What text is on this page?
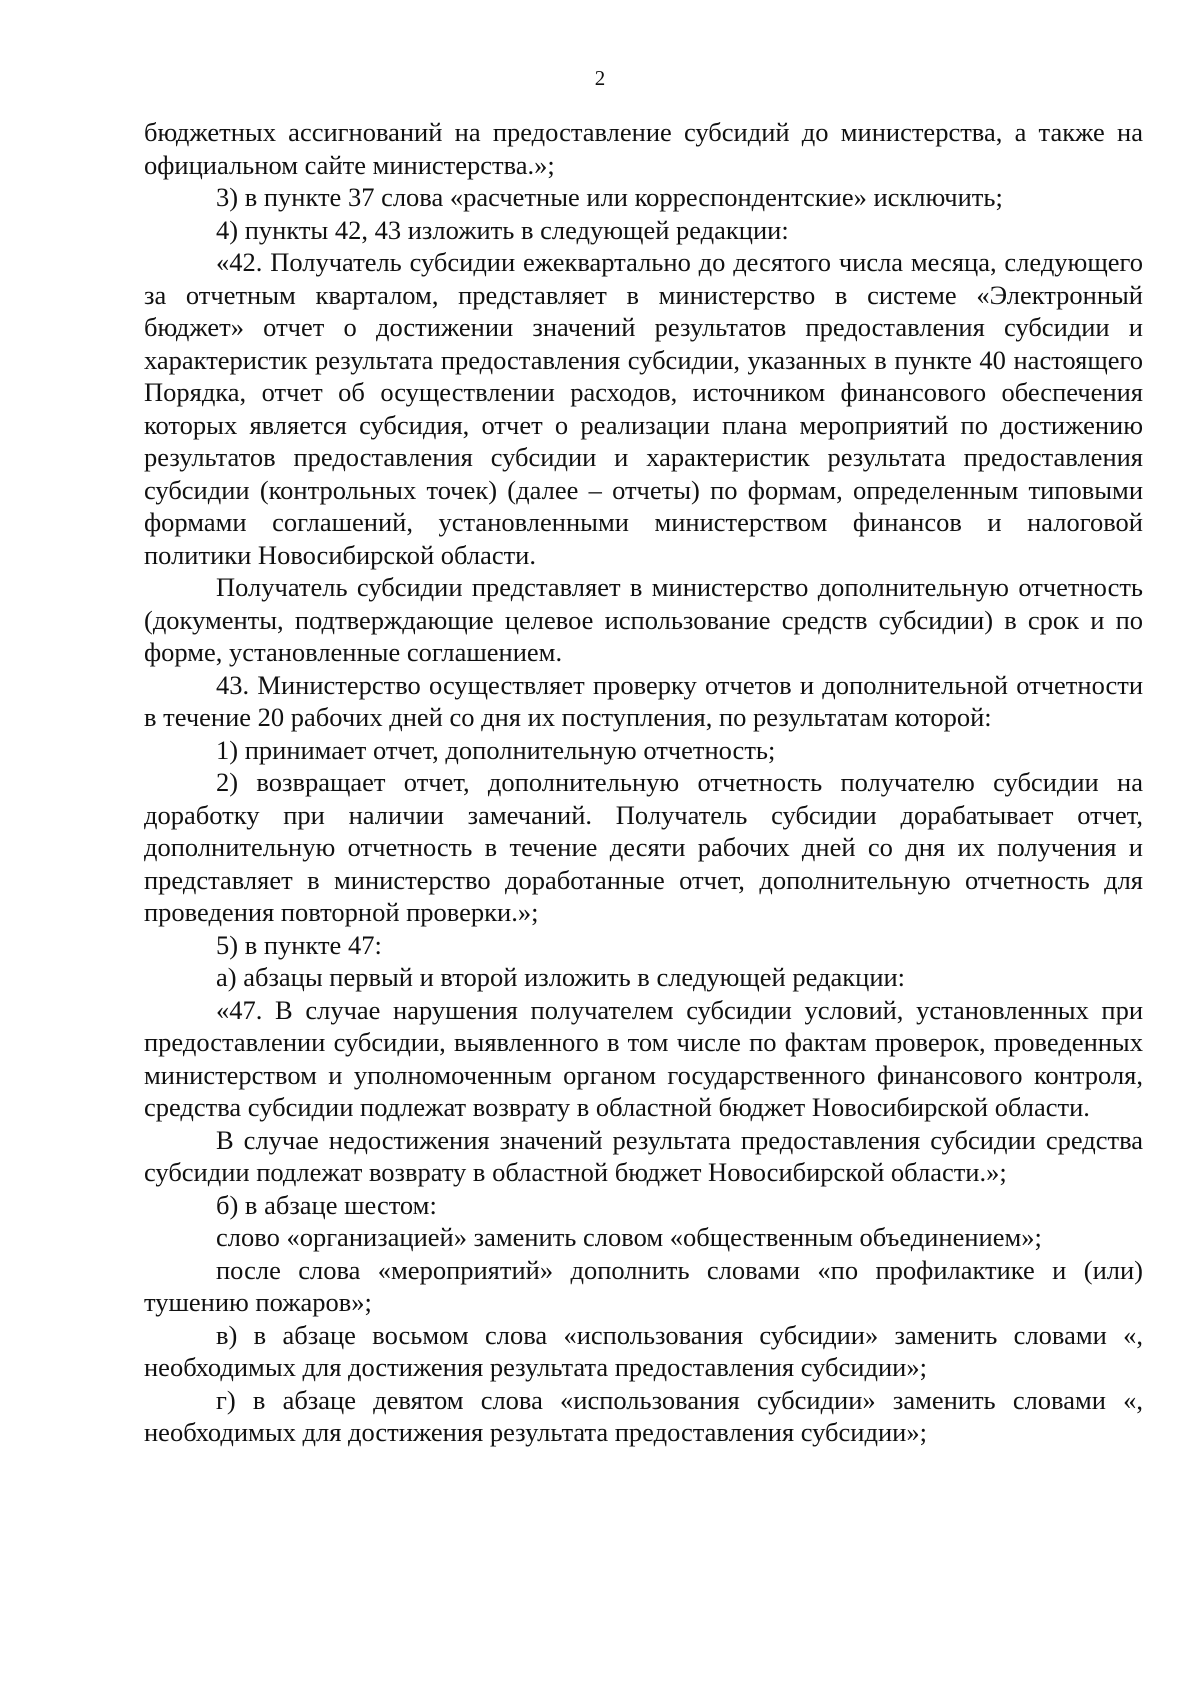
2

бюджетных ассигнований на предоставление субсидий до министерства, а также на официальном сайте министерства.»;

3) в пункте 37 слова «расчетные или корреспондентские» исключить;

4) пункты 42, 43 изложить в следующей редакции:

«42. Получатель субсидии ежеквартально до десятого числа месяца, следующего за отчетным кварталом, представляет в министерство в системе «Электронный бюджет» отчет о достижении значений результатов предоставления субсидии и характеристик результата предоставления субсидии, указанных в пункте 40 настоящего Порядка, отчет об осуществлении расходов, источником финансового обеспечения которых является субсидия, отчет о реализации плана мероприятий по достижению результатов предоставления субсидии и характеристик результата предоставления субсидии (контрольных точек) (далее – отчеты) по формам, определенным типовыми формами соглашений, установленными министерством финансов и налоговой политики Новосибирской области.

Получатель субсидии представляет в министерство дополнительную отчетность (документы, подтверждающие целевое использование средств субсидии) в срок и по форме, установленные соглашением.

43. Министерство осуществляет проверку отчетов и дополнительной отчетности в течение 20 рабочих дней со дня их поступления, по результатам которой:

1) принимает отчет, дополнительную отчетность;

2) возвращает отчет, дополнительную отчетность получателю субсидии на доработку при наличии замечаний. Получатель субсидии дорабатывает отчет, дополнительную отчетность в течение десяти рабочих дней со дня их получения и представляет в министерство доработанные отчет, дополнительную отчетность для проведения повторной проверки.»;

5) в пункте 47:

а) абзацы первый и второй изложить в следующей редакции:

«47. В случае нарушения получателем субсидии условий, установленных при предоставлении субсидии, выявленного в том числе по фактам проверок, проведенных министерством и уполномоченным органом государственного финансового контроля, средства субсидии подлежат возврату в областной бюджет Новосибирской области.

В случае недостижения значений результата предоставления субсидии средства субсидии подлежат возврату в областной бюджет Новосибирской области.»;

б) в абзаце шестом:

слово «организацией» заменить словом «общественным объединением»;

после слова «мероприятий» дополнить словами «по профилактике и (или) тушению пожаров»;

в) в абзаце восьмом слова «использования субсидии» заменить словами «, необходимых для достижения результата предоставления субсидии»;

г) в абзаце девятом слова «использования субсидии» заменить словами «, необходимых для достижения результата предоставления субсидии»;
